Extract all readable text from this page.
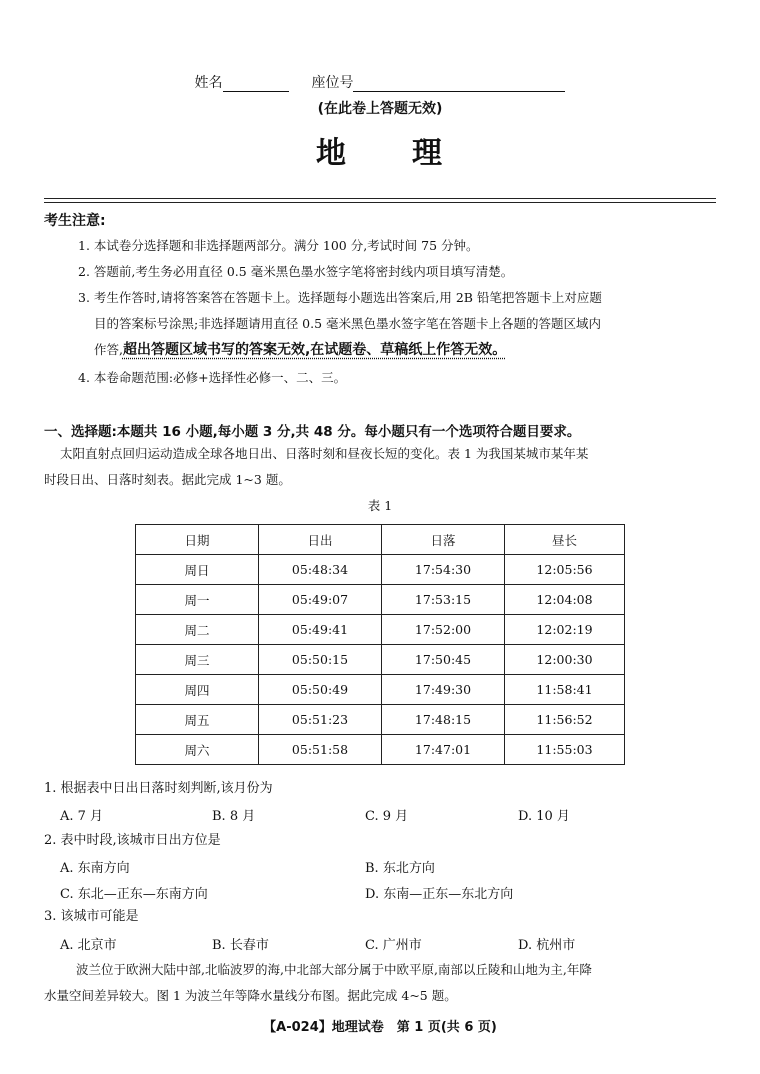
姓名	座位号
(在此卷上答题无效)
地 理
考生注意:
1. 本试卷分选择题和非选择题两部分。满分 100 分,考试时间 75 分钟。
2. 答题前,考生务必用直径 0.5 毫米黑色墨水签字笔将密封线内项目填写清楚。
3. 考生作答时,请将答案答在答题卡上。选择题每小题选出答案后,用 2B 铅笔把答题卡上对应题
目的答案标号涂黑;非选择题请用直径 0.5 毫米黑色墨水签字笔在答题卡上各题的答题区域内
作答,超出答题区域书写的答案无效,在试题卷、草稿纸上作答无效。
4. 本卷命题范围:必修+选择性必修一、二、三。
一、选择题:本题共 16 小题,每小题 3 分,共 48 分。每小题只有一个选项符合题目要求。
太阳直射点回归运动造成全球各地日出、日落时刻和昼夜长短的变化。表 1 为我国某城市某年某
时段日出、日落时刻表。据此完成 1~3 题。
表 1
日期	日出	日落	昼长
周日	05:48:34	17:54:30	12:05:56
周一	05:49:07	17:53:15	12:04:08
周二	05:49:41	17:52:00	12:02:19
周三	05:50:15	17:50:45	12:00:30
周四	05:50:49	17:49:30	11:58:41
周五	05:51:23	17:48:15	11:56:52
周六	05:51:58	17:47:01	11:55:03
1. 根据表中日出日落时刻判断,该月份为
A. 7 月	B. 8 月	C. 9 月	D. 10 月
2. 表中时段,该城市日出方位是
A. 东南方向	B. 东北方向
C. 东北—正东—东南方向	D. 东南—正东—东北方向
3. 该城市可能是
A. 北京市	B. 长春市	C. 广州市	D. 杭州市
波兰位于欧洲大陆中部,北临波罗的海,中北部大部分属于中欧平原,南部以丘陵和山地为主,年降
水量空间差异较大。图 1 为波兰年等降水量线分布图。据此完成 4~5 题。
【A-024】地理试卷　第 1 页(共 6 页)
